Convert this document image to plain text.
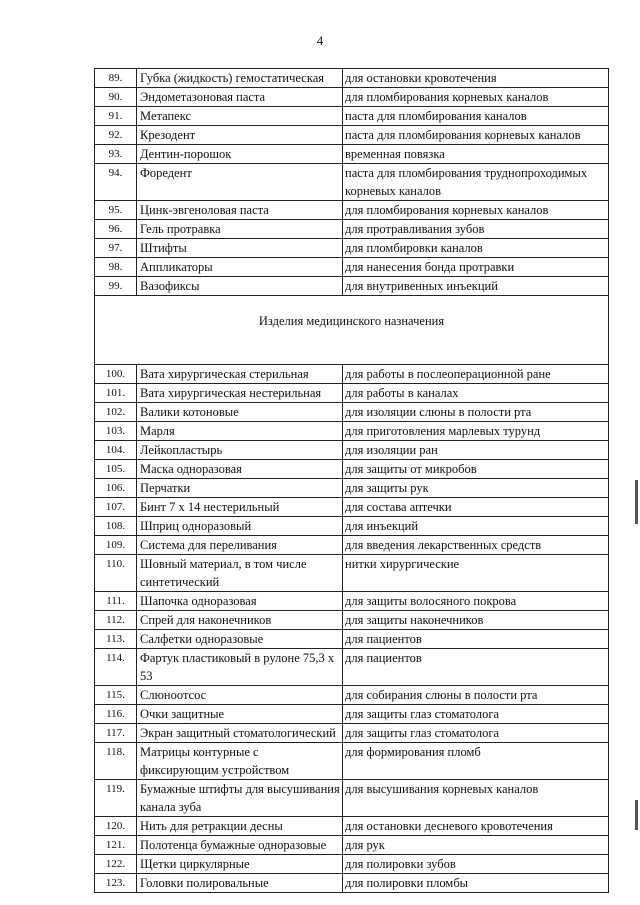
4
89.	Губка (жидкость) гемостатическая	для остановки кровотечения
90.	Эндометазоновая паста	для пломбирования корневых каналов
91.	Метапекс	паста для пломбирования каналов
92.	Крезодент	паста для пломбирования корневых каналов
93.	Дентин-порошок	временная повязка
94.	Форедент	паста для пломбирования труднопроходимых корневых каналов
95.	Цинк-эвгеноловая паста	для пломбирования корневых каналов
96.	Гель протравка	для протравливания зубов
97.	Штифты	для пломбировки каналов
98.	Аппликаторы	для нанесения бонда протравки
99.	Вазофиксы	для внутривенных инъекций
Изделия медицинского назначения		
100.	Вата хирургическая стерильная	для работы в послеоперационной ране
101.	Вата хирургическая нестерильная	для работы в каналах
102.	Валики котоновые	для изоляции слюны в полости рта
103.	Марля	для приготовления марлевых турунд
104.	Лейкопластырь	для изоляции ран
105.	Маска одноразовая	для защиты от микробов
106.	Перчатки	для защиты рук
107.	Бинт 7 х 14 нестерильный	для состава аптечки
108.	Шприц одноразовый	для инъекций
109.	Система для переливания	для введения лекарственных средств
110.	Шовный материал, в том числе синтетический	нитки хирургические
111.	Шапочка одноразовая	для защиты волосяного покрова
112.	Спрей для наконечников	для защиты наконечников
113.	Салфетки одноразовые	для пациентов
114.	Фартук пластиковый в рулоне 75,3 х 53	для пациентов
115.	Слюноотсос	для собирания слюны в полости рта
116.	Очки защитные	для защиты глаз стоматолога
117.	Экран защитный стоматологический	для защиты глаз стоматолога
118.	Матрицы контурные с фиксирующим устройством	для формирования пломб
119.	Бумажные штифты для высушивания канала зуба	для высушивания корневых каналов
120.	Нить для ретракции десны	для остановки десневого кровотечения
121.	Полотенца бумажные одноразовые	для рук
122.	Щетки циркулярные	для полировки зубов
123.	Головки полировальные	для полировки пломбы
